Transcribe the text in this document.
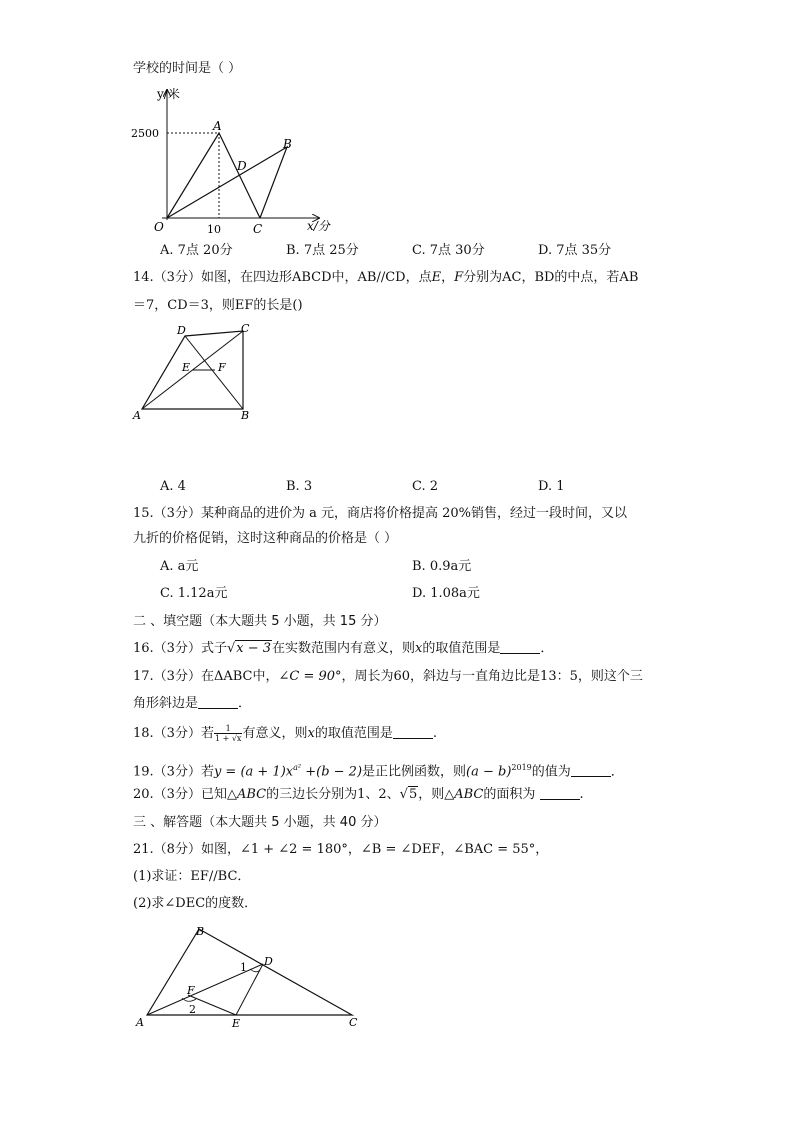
学校的时间是（ ）
y/米
x/分
2500
10
O
A
B
C
D
A. 7点 20分	B. 7点 25分	C. 7点 30分	D. 7点 35分
14.（3分）如图，在四边形ABCD中，AB//CD，点E，F分别为AC，BD的中点，若AB
＝7，CD＝3，则EF的长是()
A	B
C
D
E	F
A. 4	B. 3	C. 2	D. 1
15.（3分）某种商品的进价为 a 元，商店将价格提高 20%销售，经过一段时间，又以
九折的价格促销，这时这种商品的价格是（ ）
A. a元	B. 0.9a元
C. 1.12a元	D. 1.08a元
二 、填空题（本大题共 5 小题，共 15 分）
16.（3分）式子√x − 3在实数范围内有意义，则x的取值范围是	．
17.（3分）在ΔABC中，∠C = 90°，周长为60，斜边与一直角边比是13：5，则这个三
角形斜边是	．
18.（3分）若 $\frac{1}{1 + √x}$ 有意义，则x的取值范围是	.
19.（3分）若$y = (a + 1)x^{a^2} +(b - 2)$是正比例函数，则$(a - b)^{2019}$的值为	．
20.（3分）已知△ABC的三边长分别为1、2、√5，则△ABC的面积为	.
三 、解答题（本大题共 5 小题，共 40 分）
21.（8分）如图，∠1 + ∠2 = 180°，∠B = ∠DEF，∠BAC = 55°，
(1)求证：EF//BC．
(2)求∠DEC的度数．
A
B
C
D
E
F
1
2
